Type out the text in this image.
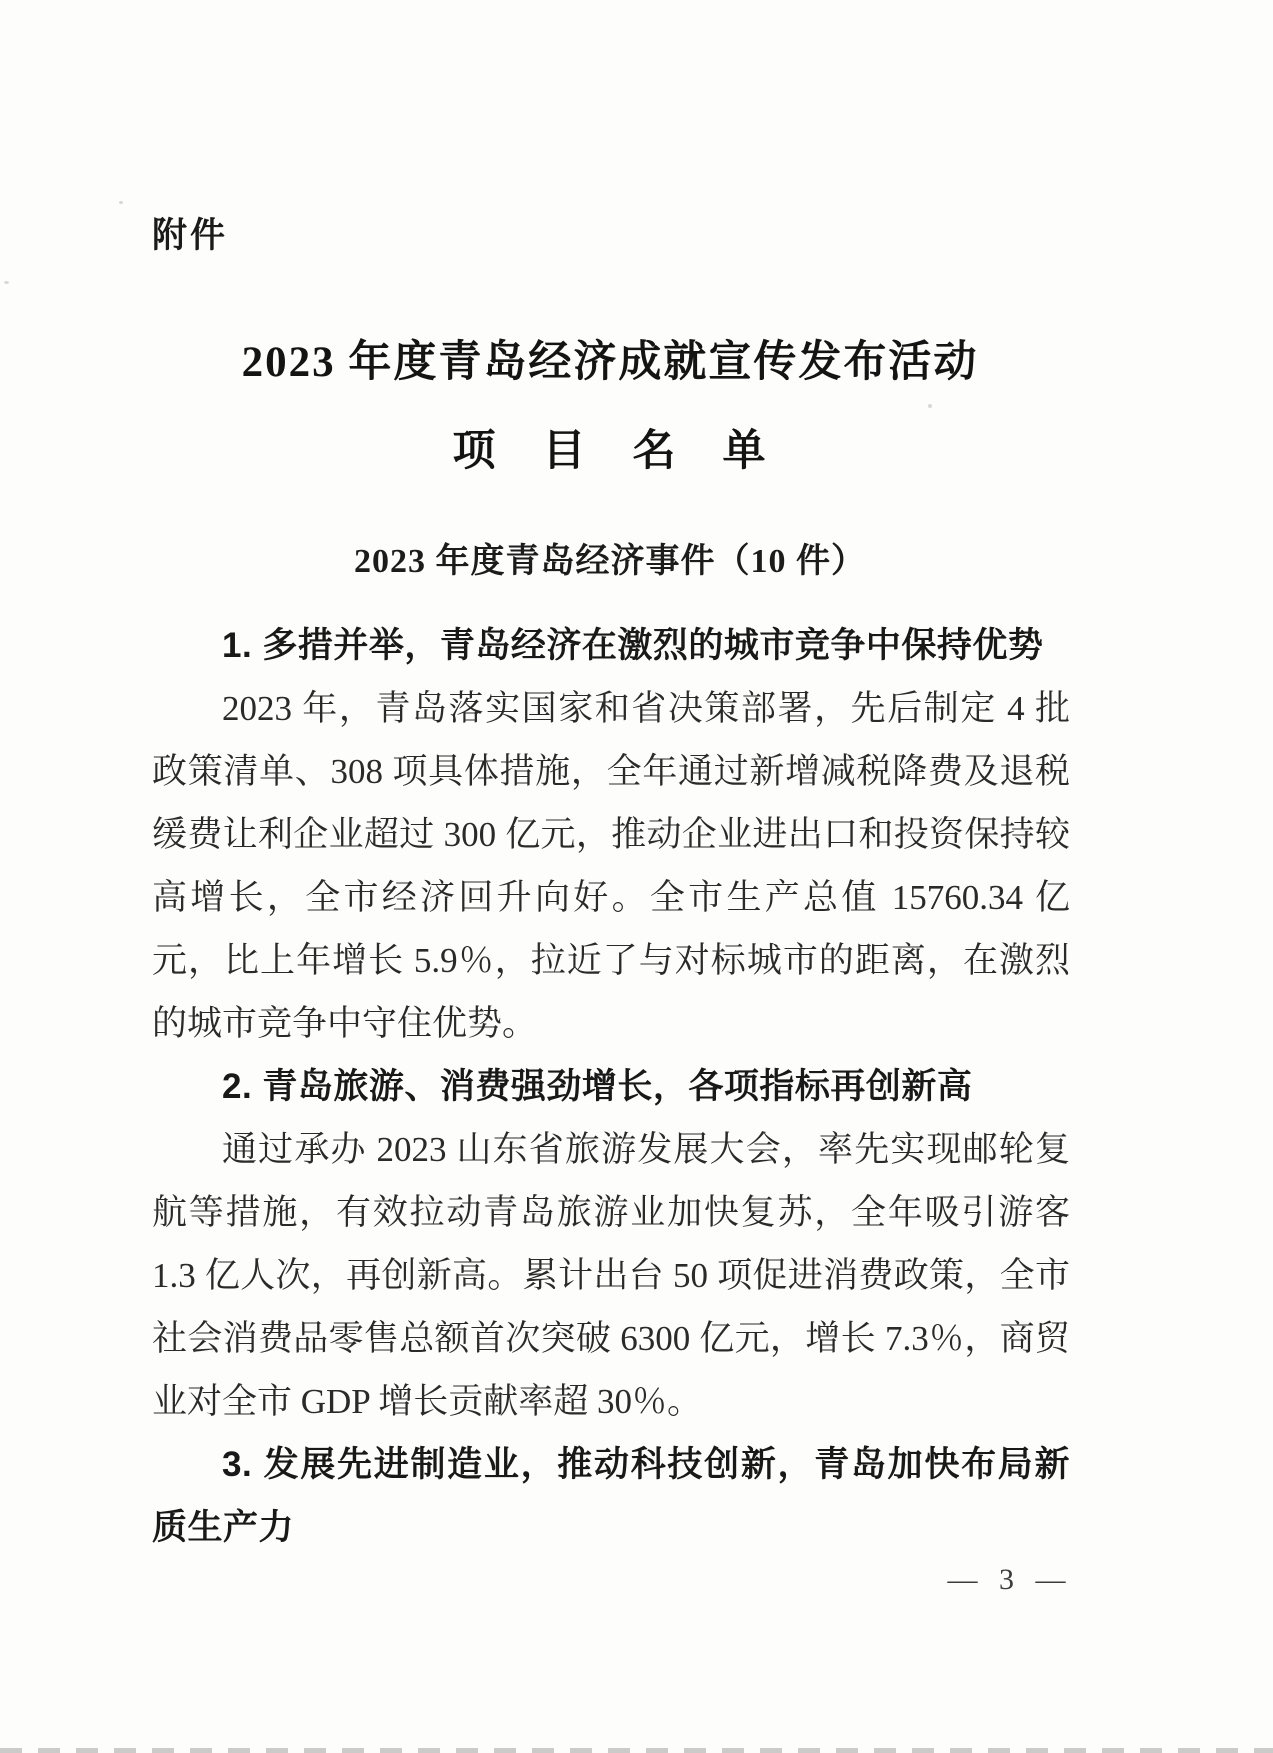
附件
2023 年度青岛经济成就宣传发布活动
项　目　名　单
2023 年度青岛经济事件（10 件）
1. 多措并举，青岛经济在激烈的城市竞争中保持优势

2023 年，青岛落实国家和省决策部署，先后制定 4 批政策清单、308 项具体措施，全年通过新增减税降费及退税缓费让利企业超过 300 亿元，推动企业进出口和投资保持较高增长，全市经济回升向好。全市生产总值 15760.34 亿元，比上年增长 5.9％，拉近了与对标城市的距离，在激烈的城市竞争中守住优势。

2. 青岛旅游、消费强劲增长，各项指标再创新高

通过承办 2023 山东省旅游发展大会，率先实现邮轮复航等措施，有效拉动青岛旅游业加快复苏，全年吸引游客 1.3 亿人次，再创新高。累计出台 50 项促进消费政策，全市社会消费品零售总额首次突破 6300 亿元，增长 7.3％，商贸业对全市 GDP 增长贡献率超 30％。

3. 发展先进制造业，推动科技创新，青岛加快布局新质生产力
— 3 —
